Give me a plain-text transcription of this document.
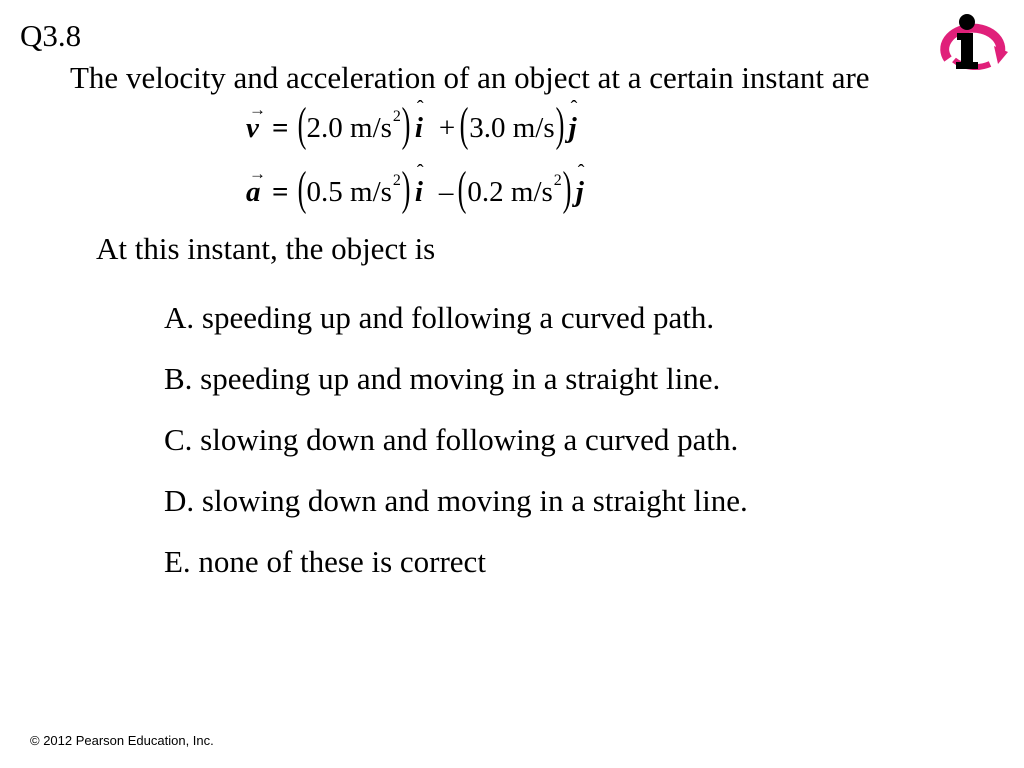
Q3.8
The velocity and acceleration of an object at a certain instant are
→
v = ( 2.0 m/s 2 ) ˆ
i + ( 3.0 m/s ) ˆ
j
→
a = ( 0.5 m/s 2 ) ˆ
i – ( 0.2 m/s 2 ) ˆ
j
At this instant, the object is
A. speeding up and following a curved path.
B. speeding up and moving in a straight line.
C. slowing down and following a curved path.
D. slowing down and moving in a straight line.
E. none of these is correct
© 2012 Pearson Education, Inc.
